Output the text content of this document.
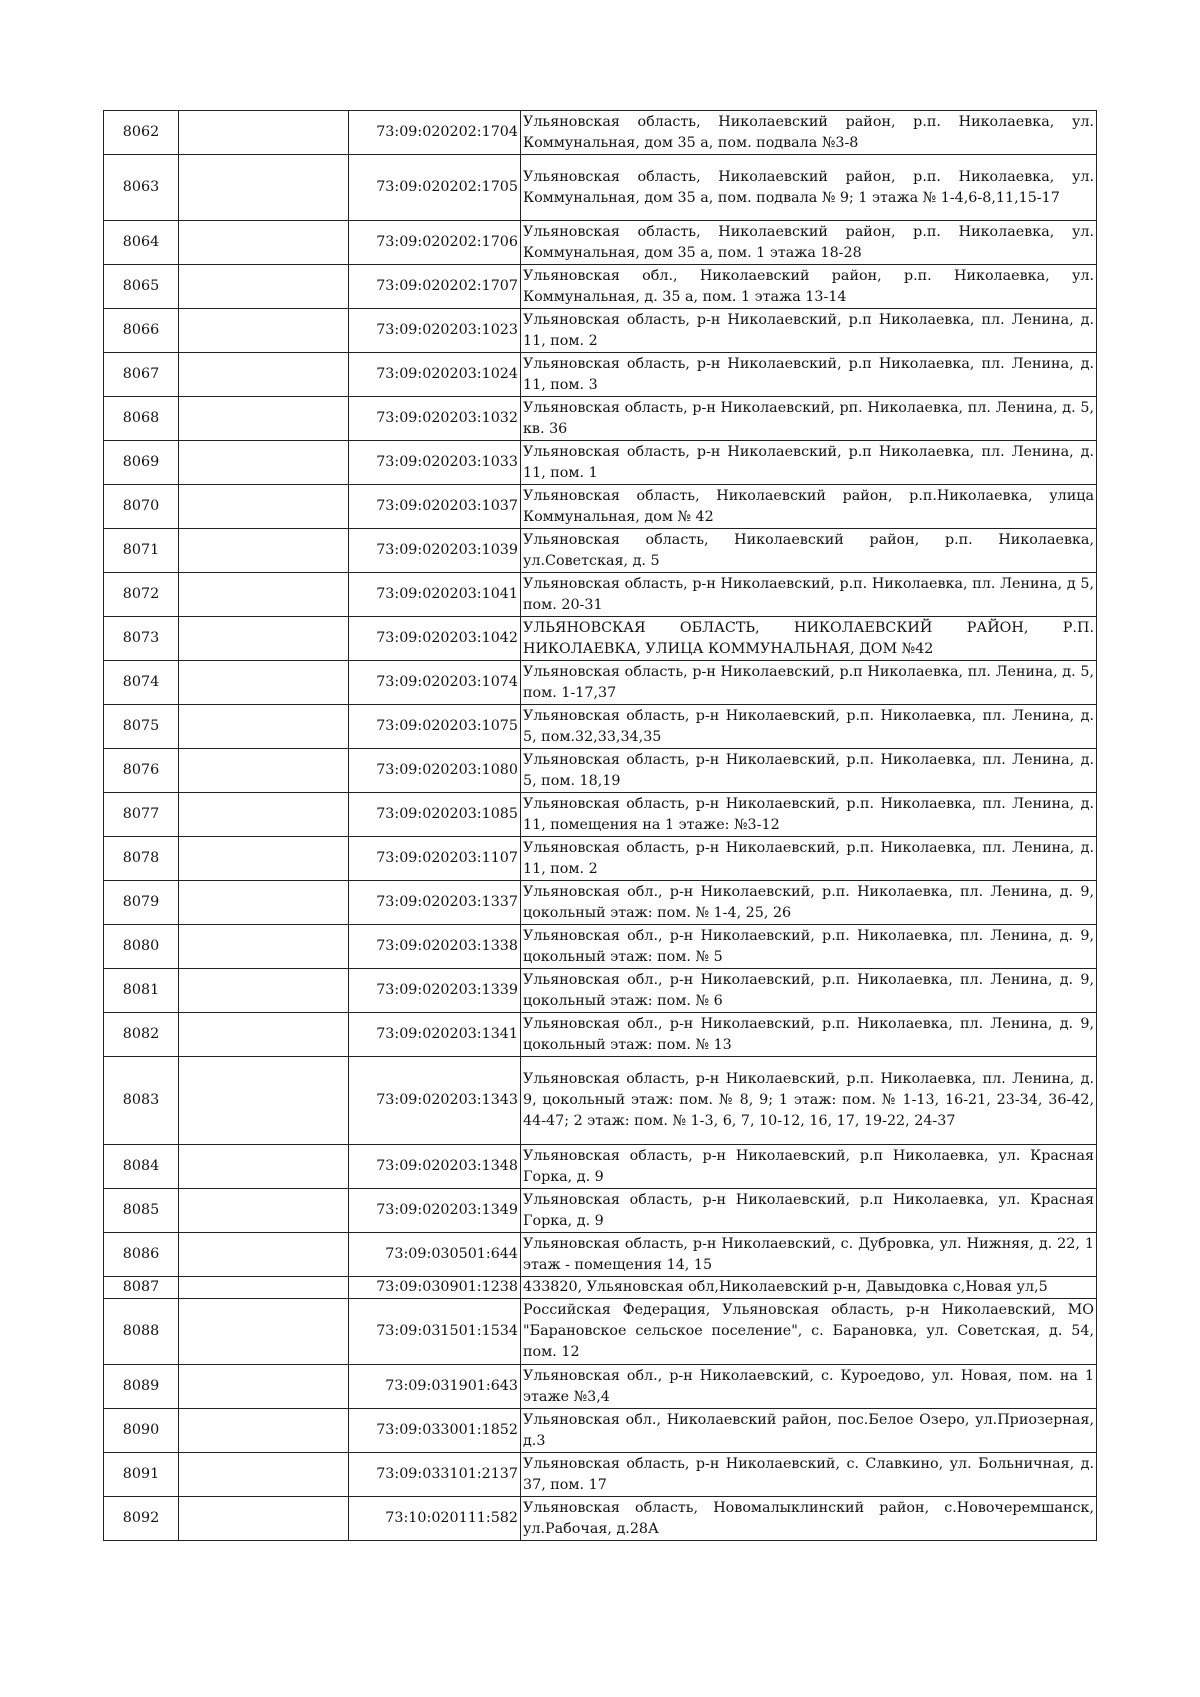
8062		73:09:020202:1704	Ульяновская область, Николаевский район, р.п. Николаевка, ул. Коммунальная, дом 35 а, пом. подвала №3-8
8063		73:09:020202:1705	Ульяновская область, Николаевский район, р.п. Николаевка, ул. Коммунальная, дом 35 а, пом. подвала № 9; 1 этажа № 1-4,6-8,11,15-17
8064		73:09:020202:1706	Ульяновская область, Николаевский район, р.п. Николаевка, ул. Коммунальная, дом 35 а, пом. 1 этажа 18-28
8065		73:09:020202:1707	Ульяновская обл., Николаевский район, р.п. Николаевка, ул. Коммунальная, д. 35 а, пом. 1 этажа 13-14
8066		73:09:020203:1023	Ульяновская область, р-н Николаевский, р.п Николаевка, пл. Ленина, д. 11, пом. 2
8067		73:09:020203:1024	Ульяновская область, р-н Николаевский, р.п Николаевка, пл. Ленина, д. 11, пом. 3
8068		73:09:020203:1032	Ульяновская область, р-н Николаевский, рп. Николаевка, пл. Ленина, д. 5, кв. 36
8069		73:09:020203:1033	Ульяновская область, р-н Николаевский, р.п Николаевка, пл. Ленина, д. 11, пом. 1
8070		73:09:020203:1037	Ульяновская область, Николаевский район, р.п.Николаевка, улица Коммунальная, дом № 42
8071		73:09:020203:1039	Ульяновская область, Николаевский район, р.п. Николаевка, ул.Советская, д. 5
8072		73:09:020203:1041	Ульяновская область, р-н Николаевский, р.п. Николаевка, пл. Ленина, д 5, пом. 20-31
8073		73:09:020203:1042	УЛЬЯНОВСКАЯ ОБЛАСТЬ, НИКОЛАЕВСКИЙ РАЙОН, Р.П. НИКОЛАЕВКА, УЛИЦА КОММУНАЛЬНАЯ, ДОМ №42
8074		73:09:020203:1074	Ульяновская область, р-н Николаевский, р.п Николаевка, пл. Ленина, д. 5, пом. 1-17,37
8075		73:09:020203:1075	Ульяновская область, р-н Николаевский, р.п. Николаевка, пл. Ленина, д. 5, пом.32,33,34,35
8076		73:09:020203:1080	Ульяновская область, р-н Николаевский, р.п. Николаевка, пл. Ленина, д. 5, пом. 18,19
8077		73:09:020203:1085	Ульяновская область, р-н Николаевский, р.п. Николаевка, пл. Ленина, д. 11, помещения на 1 этаже: №3-12
8078		73:09:020203:1107	Ульяновская область, р-н Николаевский, р.п. Николаевка, пл. Ленина, д. 11, пом. 2
8079		73:09:020203:1337	Ульяновская обл., р-н Николаевский, р.п. Николаевка, пл. Ленина, д. 9, цокольный этаж: пом. № 1-4, 25, 26
8080		73:09:020203:1338	Ульяновская обл., р-н Николаевский, р.п. Николаевка, пл. Ленина, д. 9, цокольный этаж: пом. № 5
8081		73:09:020203:1339	Ульяновская обл., р-н Николаевский, р.п. Николаевка, пл. Ленина, д. 9, цокольный этаж: пом. № 6
8082		73:09:020203:1341	Ульяновская обл., р-н Николаевский, р.п. Николаевка, пл. Ленина, д. 9, цокольный этаж: пом. № 13
8083		73:09:020203:1343	Ульяновская область, р-н Николаевский, р.п. Николаевка, пл. Ленина, д. 9, цокольный этаж: пом. № 8, 9; 1 этаж: пом. № 1-13, 16-21, 23-34, 36-42, 44-47; 2 этаж: пом. № 1-3, 6, 7, 10-12, 16, 17, 19-22, 24-37
8084		73:09:020203:1348	Ульяновская область, р-н Николаевский, р.п Николаевка, ул. Красная Горка, д. 9
8085		73:09:020203:1349	Ульяновская область, р-н Николаевский, р.п Николаевка, ул. Красная Горка, д. 9
8086		73:09:030501:644	Ульяновская область, р-н Николаевский, с. Дубровка, ул. Нижняя, д. 22, 1 этаж - помещения 14, 15
8087		73:09:030901:1238	433820, Ульяновская обл,Николаевский р-н, Давыдовка с,Новая ул,5
8088		73:09:031501:1534	Российская Федерация, Ульяновская область, р-н Николаевский, МО "Барановское сельское поселение", с. Барановка, ул. Советская, д. 54, пом. 12
8089		73:09:031901:643	Ульяновская обл., р-н Николаевский, с. Куроедово, ул. Новая, пом. на 1 этаже №3,4
8090		73:09:033001:1852	Ульяновская обл., Николаевский район, пос.Белое Озеро, ул.Приозерная, д.3
8091		73:09:033101:2137	Ульяновская область, р-н Николаевский, с. Славкино, ул. Больничная, д. 37, пом. 17
8092		73:10:020111:582	Ульяновская область, Новомалыклинский район, с.Новочеремшанск, ул.Рабочая, д.28А
